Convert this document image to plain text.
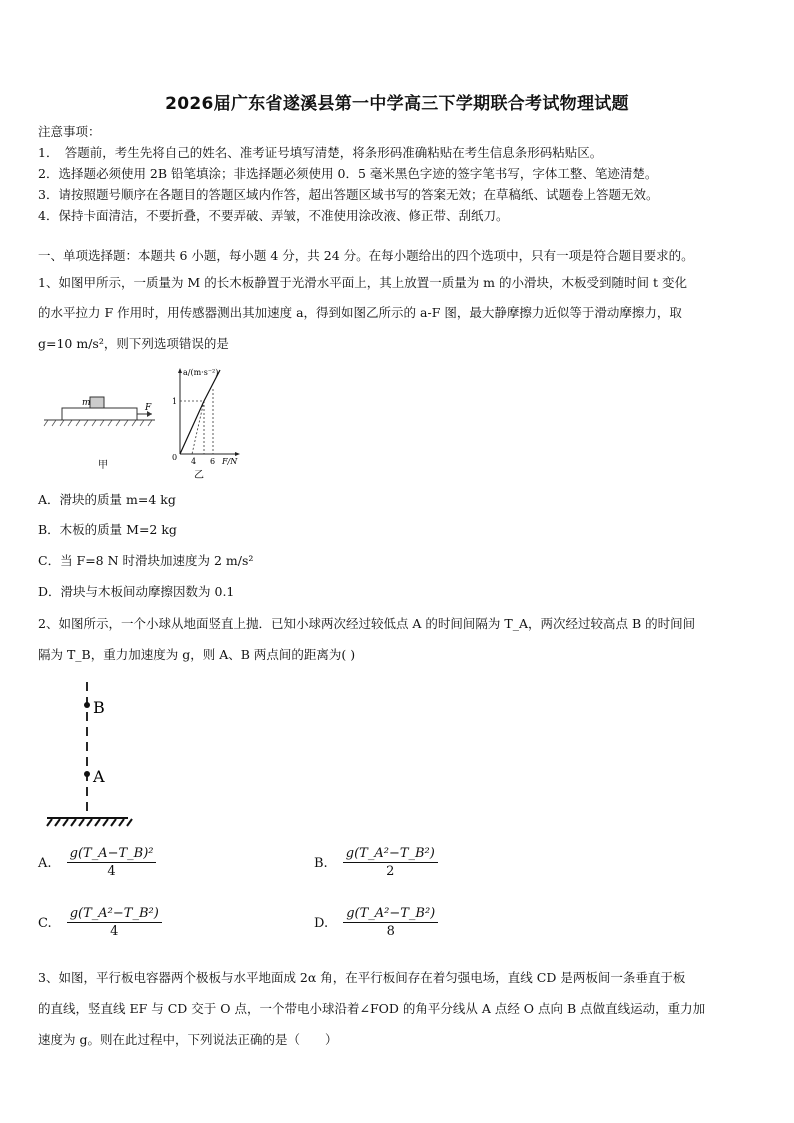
2026届广东省遂溪县第一中学高三下学期联合考试物理试题
注意事项：
1．　答题前，考生先将自己的姓名、准考证号填写清楚，将条形码准确粘贴在考生信息条形码粘贴区。
2．选择题必须使用 2B 铅笔填涂；非选择题必须使用 0．5 毫米黑色字迹的签字笔书写，字体工整、笔迹清楚。
3．请按照题号顺序在各题目的答题区域内作答，超出答题区域书写的答案无效；在草稿纸、试题卷上答题无效。
4．保持卡面清洁，不要折叠，不要弄破、弄皱，不准使用涂改液、修正带、刮纸刀。
一、单项选择题：本题共 6 小题，每小题 4 分，共 24 分。在每小题给出的四个选项中，只有一项是符合题目要求的。
1、如图甲所示，一质量为 M 的长木板静置于光滑水平面上，其上放置一质量为 m 的小滑块，木板受到随时间 t 变化
的水平拉力 F 作用时，用传感器测出其加速度 a，得到如图乙所示的 a-F 图，最大静摩擦力近似等于滑动摩擦力，取
g=10 m/s²，则下列选项错误的是
m	F
甲
a/(m·s⁻²)
1
0 4 6 F/N
乙
A．滑块的质量 m=4 kg
B．木板的质量 M=2 kg
C．当 F=8 N 时滑块加速度为 2 m/s²
D．滑块与木板间动摩擦因数为 0.1
2、如图所示，一个小球从地面竖直上抛．已知小球两次经过较低点 A 的时间间隔为 T_A，两次经过较高点 B 的时间间
隔为 T_B，重力加速度为 g，则 A、B 两点间的距离为( )
B
A
A. $\frac{\text{g(T\_A−T\_B)²}}{4}$	B. $\frac{\text{g(T\_A²−T\_B²)}}{2}$
C. $\frac{\text{g(T\_A²−T\_B²)}}{4}$	D. $\frac{\text{g(T\_A²−T\_B²)}}{8}$
3、如图，平行板电容器两个极板与水平地面成 2α 角，在平行板间存在着匀强电场，直线 CD 是两板间一条垂直于板
的直线，竖直线 EF 与 CD 交于 O 点，一个带电小球沿着∠FOD 的角平分线从 A 点经 O 点向 B 点做直线运动，重力加
速度为 g。则在此过程中，下列说法正确的是（　　）
